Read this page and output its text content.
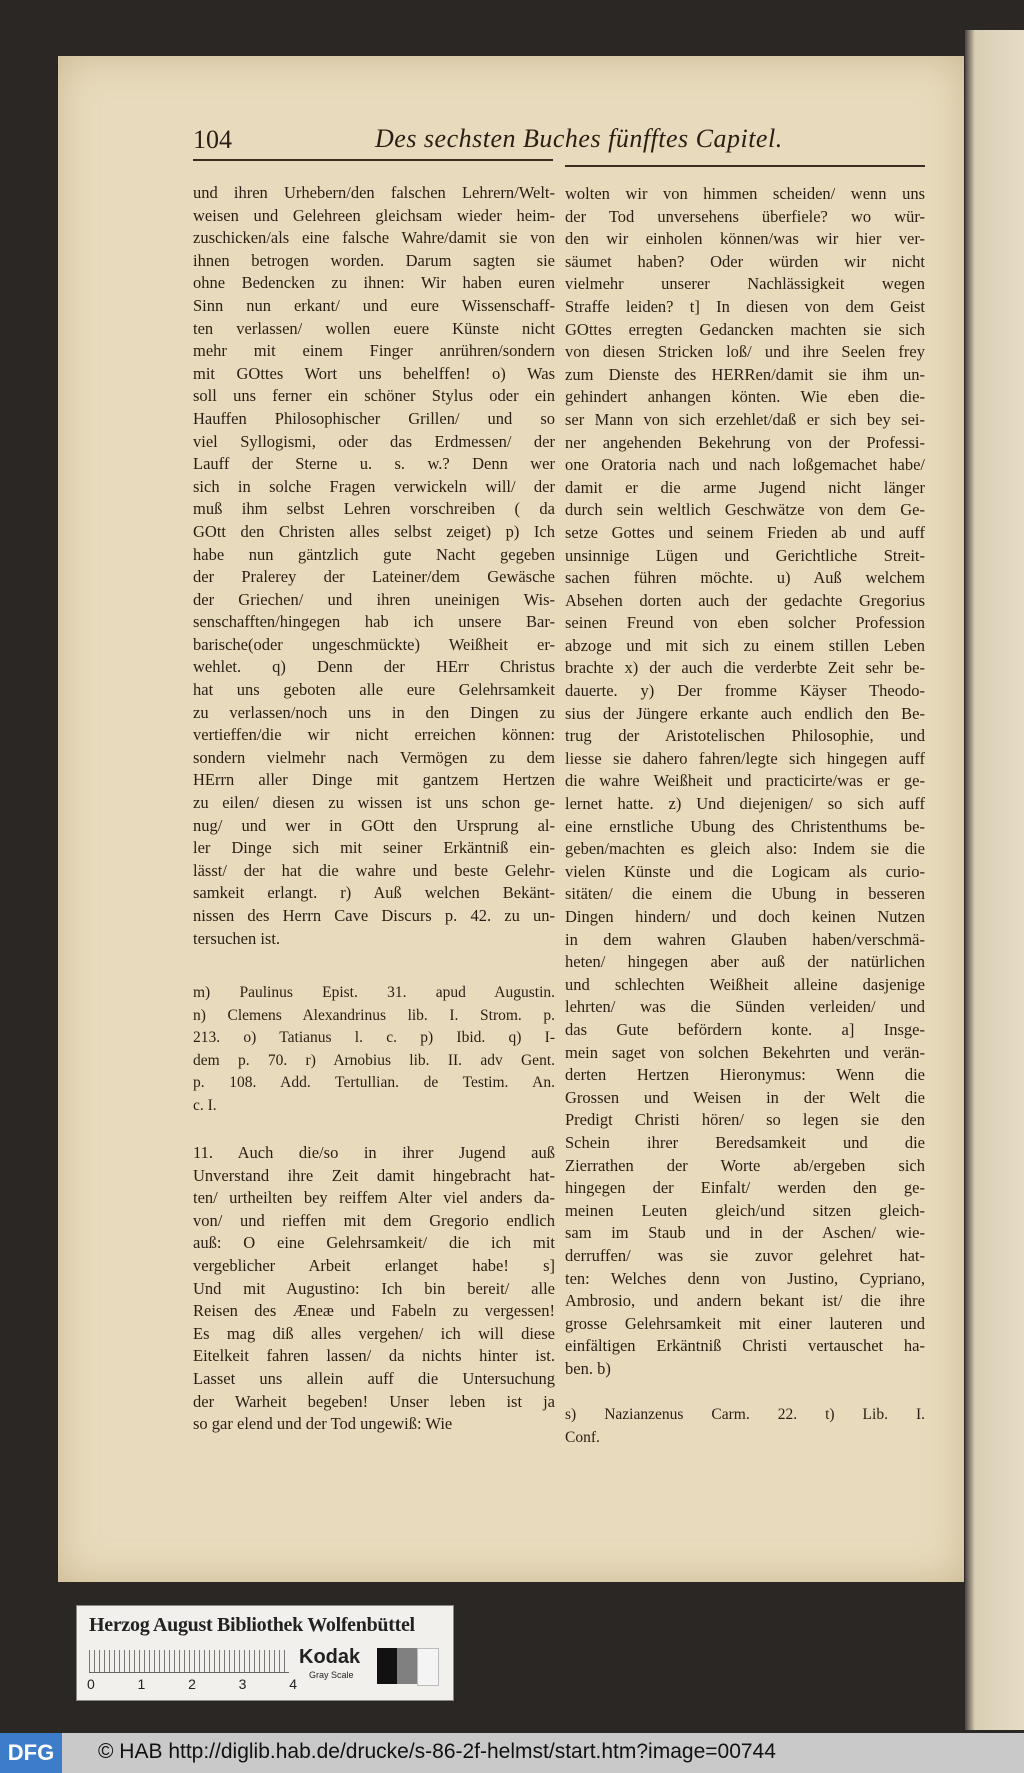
104	Des sechsten Buches fünfftes Capitel.
und ihren Urhebern/den falschen Lehrern/Welt-
weisen und Gelehreen gleichsam wieder heim-
zuschicken/als eine falsche Wahre/damit sie von
ihnen betrogen worden. Darum sagten sie
ohne Bedencken zu ihnen: Wir haben euren
Sinn nun erkant/ und eure Wissenschaff-
ten verlassen/ wollen euere Künste nicht
mehr mit einem Finger anrühren/sondern
mit GOttes Wort uns behelffen! o) Was
soll uns ferner ein schöner Stylus oder ein
Hauffen Philosophischer Grillen/ und so
viel Syllogismi, oder das Erdmessen/ der
Lauff der Sterne u. s. w.? Denn wer
sich in solche Fragen verwickeln will/ der
muß ihm selbst Lehren vorschreiben ( da
GOtt den Christen alles selbst zeiget) p) Ich
habe nun gäntzlich gute Nacht gegeben
der Pralerey der Lateiner/dem Gewäsche
der Griechen/ und ihren uneinigen Wis-
senschafften/hingegen hab ich unsere Bar-
barische(oder ungeschmückte) Weißheit er-
wehlet. q) Denn der HErr Christus
hat uns geboten alle eure Gelehrsamkeit
zu verlassen/noch uns in den Dingen zu
vertieffen/die wir nicht erreichen können:
sondern vielmehr nach Vermögen zu dem
HErrn aller Dinge mit gantzem Hertzen
zu eilen/ diesen zu wissen ist uns schon ge-
nug/ und wer in GOtt den Ursprung al-
ler Dinge sich mit seiner Erkäntniß ein-
lässt/ der hat die wahre und beste Gelehr-
samkeit erlangt. r) Auß welchen Bekänt-
nissen des Herrn Cave Discurs p. 42. zu un-
tersuchen ist.
m) Paulinus Epist. 31. apud Augustin.
n) Clemens Alexandrinus lib. I. Strom. p.
213. o) Tatianus l. c. p) Ibid. q) I-
dem p. 70. r) Arnobius lib. II. adv Gent.
p. 108. Add. Tertullian. de Testim. An.
c. I.
11. Auch die/so in ihrer Jugend auß
Unverstand ihre Zeit damit hingebracht hat-
ten/ urtheilten bey reiffem Alter viel anders da-
von/ und rieffen mit dem Gregorio endlich
auß: O eine Gelehrsamkeit/ die ich mit
vergeblicher Arbeit erlanget habe! s]
Und mit Augustino: Ich bin bereit/ alle
Reisen des Æneæ und Fabeln zu vergessen!
Es mag diß alles vergehen/ ich will diese
Eitelkeit fahren lassen/ da nichts hinter ist.
Lasset uns allein auff die Untersuchung
der Warheit begeben! Unser leben ist ja
so gar elend und der Tod ungewiß: Wie
wolten wir von himmen scheiden/ wenn uns
der Tod unversehens überfiele? wo wür-
den wir einholen können/was wir hier ver-
säumet haben? Oder würden wir nicht
vielmehr unserer Nachlässigkeit wegen
Straffe leiden? t] In diesen von dem Geist
GOttes erregten Gedancken machten sie sich
von diesen Stricken loß/ und ihre Seelen frey
zum Dienste des HERRen/damit sie ihm un-
gehindert anhangen könten. Wie eben die-
ser Mann von sich erzehlet/daß er sich bey sei-
ner angehenden Bekehrung von der Professi-
one Oratoria nach und nach loßgemachet habe/
damit er die arme Jugend nicht länger
durch sein weltlich Geschwätze von dem Ge-
setze Gottes und seinem Frieden ab und auff
unsinnige Lügen und Gerichtliche Streit-
sachen führen möchte. u) Auß welchem
Absehen dorten auch der gedachte Gregorius
seinen Freund von eben solcher Profession
abzoge und mit sich zu einem stillen Leben
brachte x) der auch die verderbte Zeit sehr be-
dauerte. y) Der fromme Käyser Theodo-
sius der Jüngere erkante auch endlich den Be-
trug der Aristotelischen Philosophie, und
liesse sie dahero fahren/legte sich hingegen auff
die wahre Weißheit und practicirte/was er ge-
lernet hatte. z) Und diejenigen/ so sich auff
eine ernstliche Ubung des Christenthums be-
geben/machten es gleich also: Indem sie die
vielen Künste und die Logicam als curio-
sitäten/ die einem die Ubung in besseren
Dingen hindern/ und doch keinen Nutzen
in dem wahren Glauben haben/verschmä-
heten/ hingegen aber auß der natürlichen
und schlechten Weißheit alleine dasjenige
lehrten/ was die Sünden verleiden/ und
das Gute befördern konte. a] Insge-
mein saget von solchen Bekehrten und verän-
derten Hertzen Hieronymus: Wenn die
Grossen und Weisen in der Welt die
Predigt Christi hören/ so legen sie den
Schein ihrer Beredsamkeit und die
Zierrathen der Worte ab/ergeben sich
hingegen der Einfalt/ werden den ge-
meinen Leuten gleich/und sitzen gleich-
sam im Staub und in der Aschen/ wie-
derruffen/ was sie zuvor gelehret hat-
ten: Welches denn von Justino, Cypriano,
Ambrosio, und andern bekant ist/ die ihre
grosse Gelehrsamkeit mit einer lauteren und
einfältigen Erkäntniß Christi vertauschet ha-
ben. b)
s) Nazianzenus Carm. 22. t) Lib. I.
Conf.
Herzog August Bibliothek Wolfenbüttel
0	1	2	3	4
Kodak
Gray Scale
DFG	© HAB http://diglib.hab.de/drucke/s-86-2f-helmst/start.htm?image=00744
